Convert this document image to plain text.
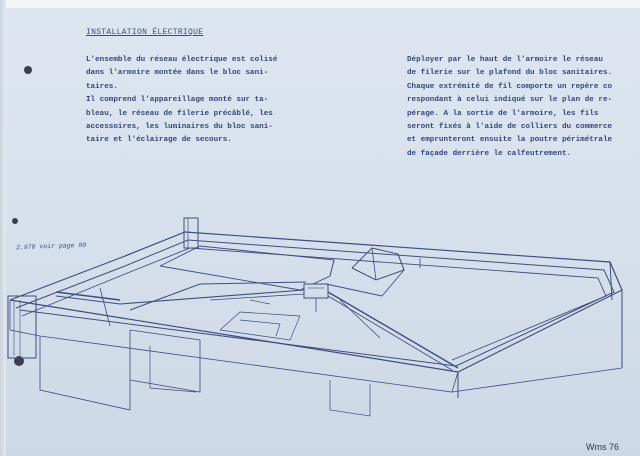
INSTALLATION ÉLECTRIQUE
L'ensemble du réseau électrique est colisé
dans l'armoire montée dans le bloc sani-
taires.
Il comprend l'appareillage monté sur ta-
bleau, le réseau de filerie précâblé, les
accessoires, les luminaires du bloc sani-
taire et l'éclairage de secours.
Déployer par le haut de l'armoire le réseau
de filerie sur le plafond du bloc sanitaires.
Chaque extrémité de fil comporte un repère co
respondant à celui indiqué sur le plan de re-
pérage. A la sortie de l'armoire, les fils
seront fixés à l'aide de colliers du commerce
et emprunteront ensuite la poutre périmétrale
de façade derrière le calfeutrement.
2.970 voir page 80
Wms 76
